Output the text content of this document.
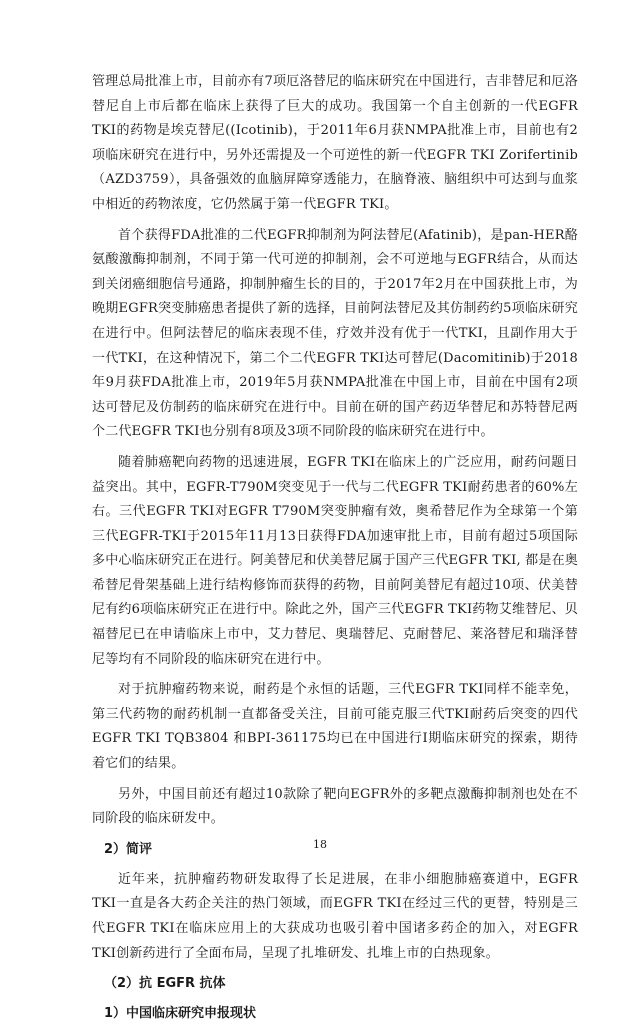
管理总局批准上市，目前亦有7项厄洛替尼的临床研究在中国进行，吉非替尼和厄洛替尼自上市后都在临床上获得了巨大的成功。我国第一个自主创新的一代EGFR TKI的药物是埃克替尼((Icotinib)，于2011年6月获NMPA批准上市，目前也有2项临床研究在进行中，另外还需提及一个可逆性的新一代EGFR TKI Zorifertinib （AZD3759），具备强效的血脑屏障穿透能力，在脑脊液、脑组织中可达到与血浆中相近的药物浓度，它仍然属于第一代EGFR TKI。

首个获得FDA批准的二代EGFR抑制剂为阿法替尼(Afatinib)，是pan-HER酪氨酸激酶抑制剂，不同于第一代可逆的抑制剂，会不可逆地与EGFR结合，从而达到关闭癌细胞信号通路，抑制肿瘤生长的目的，于2017年2月在中国获批上市，为晚期EGFR突变肺癌患者提供了新的选择，目前阿法替尼及其仿制药约5项临床研究在进行中。但阿法替尼的临床表现不佳，疗效并没有优于一代TKI，且副作用大于一代TKI，在这种情况下，第二个二代EGFR TKI达可替尼(Dacomitinib)于2018年9月获FDA批准上市，2019年5月获NMPA批准在中国上市，目前在中国有2项达可替尼及仿制药的临床研究在进行中。目前在研的国产药迈华替尼和苏特替尼两个二代EGFR TKI也分别有8项及3项不同阶段的临床研究在进行中。

随着肺癌靶向药物的迅速进展，EGFR TKI在临床上的广泛应用，耐药问题日益突出。其中，EGFR-T790M突变见于一代与二代EGFR TKI耐药患者的60%左右。三代EGFR TKI对EGFR T790M突变肿瘤有效，奥希替尼作为全球第一个第三代EGFR-TKI于2015年11月13日获得FDA加速审批上市，目前有超过5项国际多中心临床研究正在进行。阿美替尼和伏美替尼属于国产三代EGFR TKI, 都是在奥希替尼骨架基础上进行结构修饰而获得的药物，目前阿美替尼有超过10项、伏美替尼有约6项临床研究正在进行中。除此之外，国产三代EGFR TKI药物艾维替尼、贝福替尼已在申请临床上市中，艾力替尼、奥瑞替尼、克耐替尼、莱洛替尼和瑞泽替尼等均有不同阶段的临床研究在进行中。

对于抗肿瘤药物来说，耐药是个永恒的话题，三代EGFR TKI同样不能幸免，第三代药物的耐药机制一直都备受关注，目前可能克服三代TKI耐药后突变的四代EGFR TKI TQB3804 和BPI-361175均已在中国进行Ⅰ期临床研究的探索，期待着它们的结果。

另外，中国目前还有超过10款除了靶向EGFR外的多靶点激酶抑制剂也处在不同阶段的临床研发中。

2）简评

近年来，抗肿瘤药物研发取得了长足进展，在非小细胞肺癌赛道中，EGFR TKI一直是各大药企关注的热门领域，而EGFR TKI在经过三代的更替，特别是三代EGFR TKI在临床应用上的大获成功也吸引着中国诸多药企的加入，对EGFR TKI创新药进行了全面布局，呈现了扎堆研发、扎堆上市的白热现象。

（2）抗 EGFR 抗体
1）中国临床研究申报现状
18
